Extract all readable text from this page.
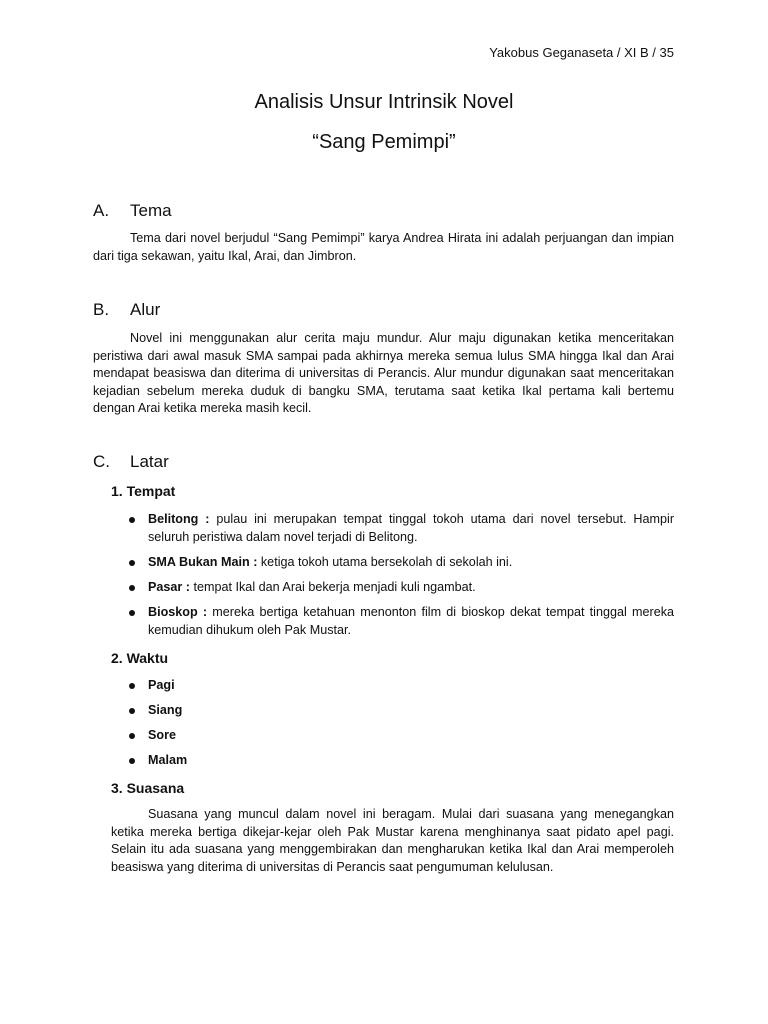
Yakobus Geganaseta / XI B / 35
Analisis Unsur Intrinsik Novel
“Sang Pemimpi”
A. Tema

Tema dari novel berjudul “Sang Pemimpi” karya Andrea Hirata ini adalah perjuangan dan impian dari tiga sekawan, yaitu Ikal, Arai, dan Jimbron.

B. Alur

Novel ini menggunakan alur cerita maju mundur. Alur maju digunakan ketika menceritakan peristiwa dari awal masuk SMA sampai pada akhirnya mereka semua lulus SMA hingga Ikal dan Arai mendapat beasiswa dan diterima di universitas di Perancis. Alur mundur digunakan saat menceritakan kejadian sebelum mereka duduk di bangku SMA, terutama saat ketika Ikal pertama kali bertemu dengan Arai ketika mereka masih kecil.

C. Latar
1. Tempat

Belitong : pulau ini merupakan tempat tinggal tokoh utama dari novel tersebut. Hampir seluruh peristiwa dalam novel terjadi di Belitong.

SMA Bukan Main : ketiga tokoh utama bersekolah di sekolah ini.

Pasar : tempat Ikal dan Arai bekerja menjadi kuli ngambat.

Bioskop : mereka bertiga ketahuan menonton film di bioskop dekat tempat tinggal mereka kemudian dihukum oleh Pak Mustar.

2. Waktu

Pagi

Siang

Sore

Malam

3. Suasana

Suasana yang muncul dalam novel ini beragam. Mulai dari suasana yang menegangkan ketika mereka bertiga dikejar-kejar oleh Pak Mustar karena menghinanya saat pidato apel pagi. Selain itu ada suasana yang menggembirakan dan mengharukan ketika Ikal dan Arai memperoleh beasiswa yang diterima di universitas di Perancis saat pengumuman kelulusan.
